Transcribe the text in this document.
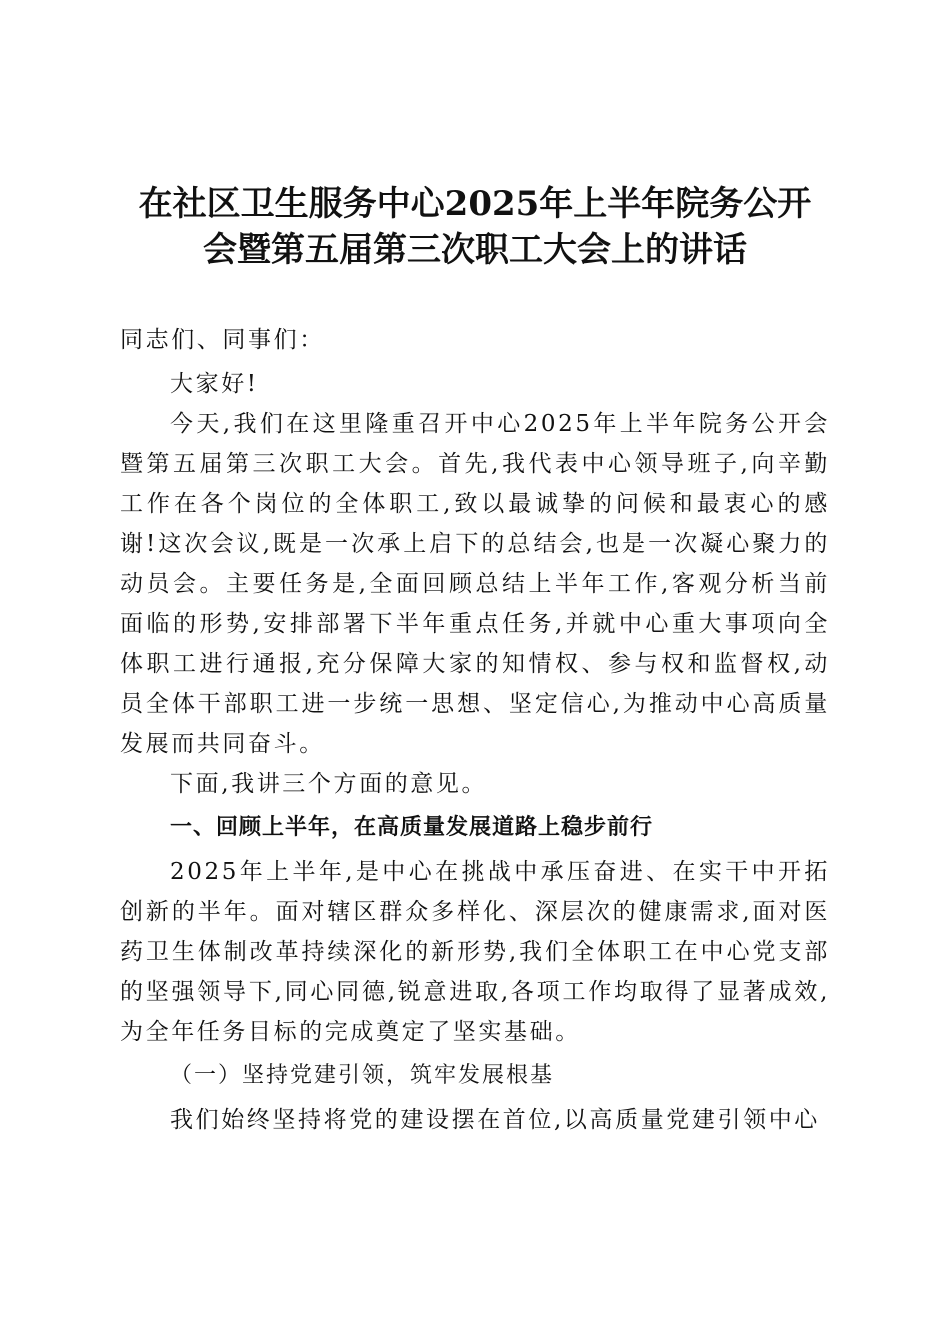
在社区卫生服务中心2025年上半年院务公开
会暨第五届第三次职工大会上的讲话

同志们、同事们：

大家好!

今天,我们在这里隆重召开中心2025年上半年院务公开会暨第五届第三次职工大会。首先,我代表中心领导班子,向辛勤工作在各个岗位的全体职工,致以最诚挚的问候和最衷心的感谢!这次会议,既是一次承上启下的总结会,也是一次凝心聚力的动员会。主要任务是,全面回顾总结上半年工作,客观分析当前面临的形势,安排部署下半年重点任务,并就中心重大事项向全体职工进行通报,充分保障大家的知情权、参与权和监督权,动员全体干部职工进一步统一思想、坚定信心,为推动中心高质量发展而共同奋斗。

下面,我讲三个方面的意见。

一、回顾上半年，在高质量发展道路上稳步前行

2025年上半年,是中心在挑战中承压奋进、在实干中开拓创新的半年。面对辖区群众多样化、深层次的健康需求,面对医药卫生体制改革持续深化的新形势,我们全体职工在中心党支部的坚强领导下,同心同德,锐意进取,各项工作均取得了显著成效,为全年任务目标的完成奠定了坚实基础。

（一）坚持党建引领，筑牢发展根基

我们始终坚持将党的建设摆在首位,以高质量党建引领中心
